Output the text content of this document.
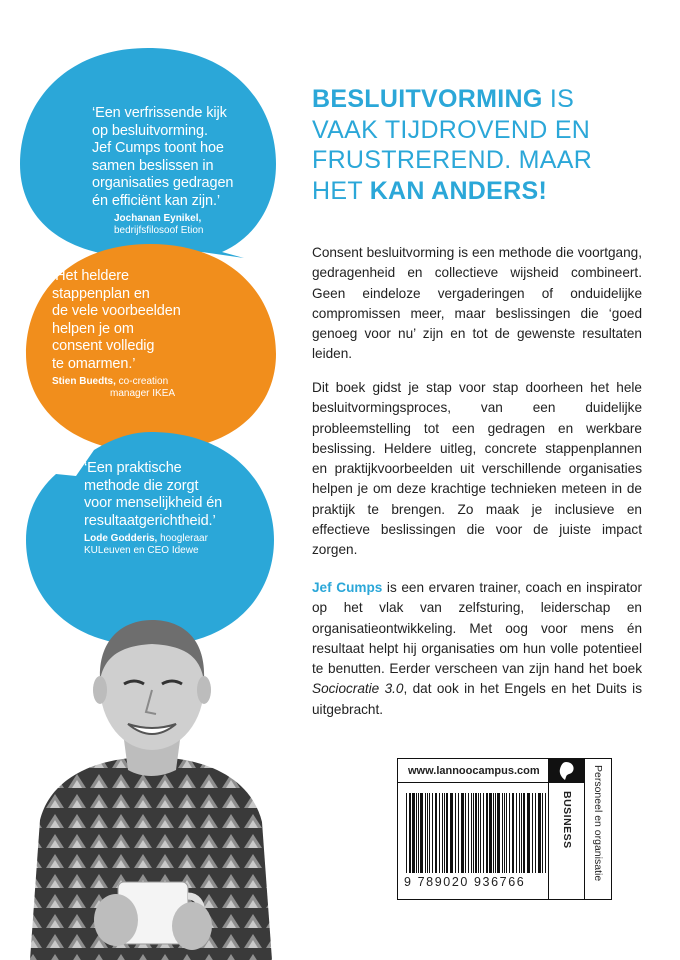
‘Een verfrissende kijk
op besluitvorming.
Jef Cumps toont hoe
samen beslissen in
organisaties gedragen
én efficiënt kan zijn.’
Jochanan Eynikel,
bedrijfsfilosoof Etion
‘Het heldere
stappenplan en
de vele voorbeelden
helpen je om
consent volledig
te omarmen.’
Stien Buedts, co-creation
manager IKEA
‘Een praktische
methode die zorgt
voor menselijkheid én
resultaatgerichtheid.’
Lode Godderis, hoogleraar
KULeuven en CEO Idewe
BESLUITVORMING IS
VAAK TIJDROVEND EN
FRUSTREREND. MAAR
HET KAN ANDERS!

Consent besluitvorming is een methode die voortgang, gedragenheid en collectieve wijsheid combineert. Geen eindeloze vergaderingen of onduidelijke compromissen meer, maar beslissingen die ‘goed genoeg voor nu’ zijn en tot de gewenste resultaten leiden.

Dit boek gidst je stap voor stap doorheen het hele besluitvormingsproces, van een duidelijke probleemstelling tot een gedragen en werkbare beslissing. Heldere uitleg, concrete stappenplannen en praktijkvoorbeelden uit verschillende organisaties helpen je om deze krachtige technieken meteen in de praktijk te brengen. Zo maak je inclusieve en effectieve beslissingen die voor de juiste impact zorgen.

Jef Cumps is een ervaren trainer, coach en inspirator op het vlak van zelfsturing, leiderschap en organisatieontwikkeling. Met oog voor mens én resultaat helpt hij organisaties om hun volle potentieel te benutten. Eerder verscheen van zijn hand het boek Sociocratie 3.0, dat ook in het Engels en het Duits is uitgebracht.

www.lannoocampus.com
9 789020 936766
BUSINESS Personeel en organisatie
